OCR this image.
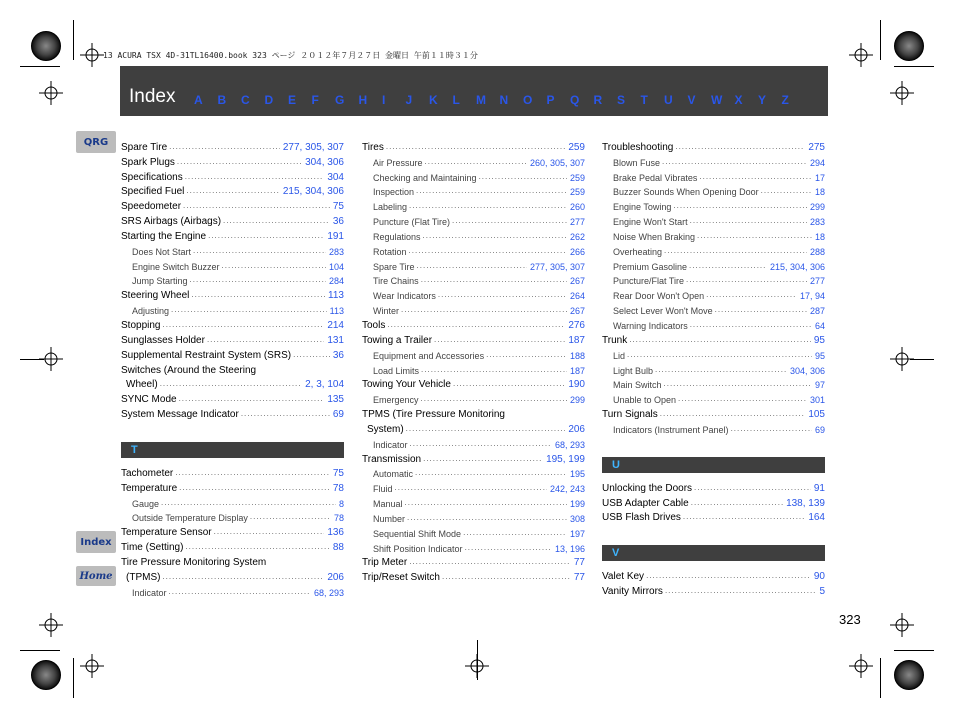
13 ACURA TSX 4D-31TL16400.book 323 ページ ２０１２年７月２７日 金曜日 午前１１時３１分
Index A	B	C	D	E	F	G	H	I	J	K	L	M	N	O	P	Q	R	S	T	U	V	W	X	Y	Z
QRG
Index
Home
Spare Tire .....	277, 305, 307
Spark Plugs .....	304, 306
Specifications .....	304
Specified Fuel .....	215, 304, 306
Speedometer .....	75
SRS Airbags (Airbags) .....	36
Starting the Engine .....	191
Does Not Start .....	283
Engine Switch Buzzer .....	104
Jump Starting .....	284
Steering Wheel .....	113
Adjusting .....	113
Stopping .....	214
Sunglasses Holder .....	131
Supplemental Restraint System (SRS) .....	36
Switches (Around the Steering
Wheel) .....	2, 3, 104
SYNC Mode .....	135
System Message Indicator .....	69
T
Tachometer .....	75
Temperature .....	78
Gauge .....	8
Outside Temperature Display .....	78
Temperature Sensor .....	136
Time (Setting) .....	88
Tire Pressure Monitoring System
(TPMS) .....	206
Indicator .....	68, 293
Tires .....	259
Air Pressure .....	260, 305, 307
Checking and Maintaining .....	259
Inspection .....	259
Labeling .....	260
Puncture (Flat Tire) .....	277
Regulations .....	262
Rotation .....	266
Spare Tire .....	277, 305, 307
Tire Chains .....	267
Wear Indicators .....	264
Winter .....	267
Tools .....	276
Towing a Trailer .....	187
Equipment and Accessories .....	188
Load Limits .....	187
Towing Your Vehicle .....	190
Emergency .....	299
TPMS (Tire Pressure Monitoring
System) .....	206
Indicator .....	68, 293
Transmission .....	195, 199
Automatic .....	195
Fluid .....	242, 243
Manual .....	199
Number .....	308
Sequential Shift Mode .....	197
Shift Position Indicator .....	13, 196
Trip Meter .....	77
Trip/Reset Switch .....	77
Troubleshooting .....	275
Blown Fuse .....	294
Brake Pedal Vibrates .....	17
Buzzer Sounds When Opening Door .....	18
Engine Towing .....	299
Engine Won't Start .....	283
Noise When Braking .....	18
Overheating .....	288
Premium Gasoline .....	215, 304, 306
Puncture/Flat Tire .....	277
Rear Door Won't Open .....	17, 94
Select Lever Won't Move .....	287
Warning Indicators .....	64
Trunk .....	95
Lid .....	95
Light Bulb .....	304, 306
Main Switch .....	97
Unable to Open .....	301
Turn Signals .....	105
Indicators (Instrument Panel) .....	69
U
Unlocking the Doors .....	91
USB Adapter Cable .....	138, 139
USB Flash Drives .....	164
V
Valet Key .....	90
Vanity Mirrors .....	5
323
